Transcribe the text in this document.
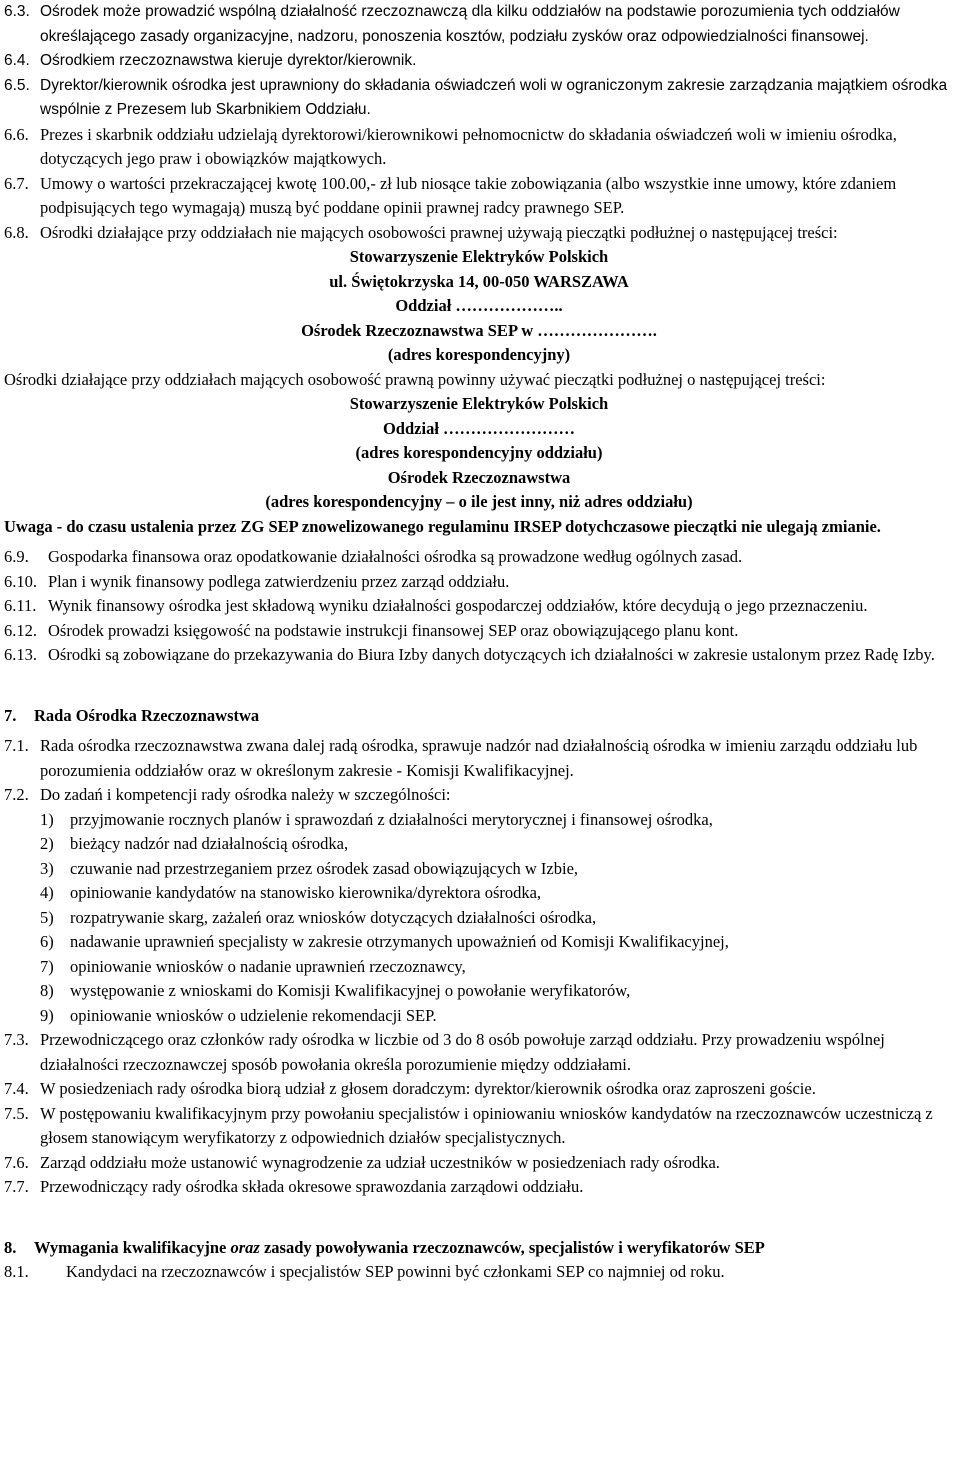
6.3. Ośrodek może prowadzić wspólną działalność rzeczoznawczą dla kilku oddziałów na podstawie porozumienia tych oddziałów określającego zasady organizacyjne, nadzoru, ponoszenia kosztów, podziału zysków oraz odpowiedzialności finansowej.
6.4. Ośrodkiem rzeczoznawstwa kieruje dyrektor/kierownik.
6.5. Dyrektor/kierownik ośrodka jest uprawniony do składania oświadczeń woli w ograniczonym zakresie zarządzania majątkiem ośrodka wspólnie z Prezesem lub Skarbnikiem Oddziału.
6.6. Prezes i skarbnik oddziału udzielają dyrektorowi/kierownikowi pełnomocnictw do składania oświadczeń woli w imieniu ośrodka, dotyczących jego praw i obowiązków majątkowych.
6.7. Umowy o wartości przekraczającej kwotę 100.00,- zł lub niosące takie zobowiązania (albo wszystkie inne umowy, które zdaniem podpisujących tego wymagają) muszą być poddane opinii prawnej radcy prawnego SEP.
6.8. Ośrodki działające przy oddziałach nie mających osobowości prawnej używają pieczątki podłużnej o następującej treści:

Stowarzyszenie Elektryków Polskich

ul. Świętokrzyska 14, 00-050 WARSZAWA

Oddział ………………..

Ośrodek Rzeczoznawstwa SEP w ………………….

(adres korespondencyjny)

Ośrodki działające przy oddziałach mających osobowość prawną powinny używać pieczątki podłużnej o następującej treści:

Stowarzyszenie Elektryków Polskich

Oddział ……………………

(adres korespondencyjny oddziału)

Ośrodek Rzeczoznawstwa

(adres korespondencyjny – o ile jest inny, niż adres oddziału)

Uwaga - do czasu ustalenia przez ZG SEP znowelizowanego regulaminu IRSEP dotychczasowe pieczątki nie ulegają zmianie.

6.9. Gospodarka finansowa oraz opodatkowanie działalności ośrodka są prowadzone według ogólnych zasad.
6.10. Plan i wynik finansowy podlega zatwierdzeniu przez zarząd oddziału.
6.11. Wynik finansowy ośrodka jest składową wyniku działalności gospodarczej oddziałów, które decydują o jego przeznaczeniu.
6.12. Ośrodek prowadzi księgowość na podstawie instrukcji finansowej SEP oraz obowiązującego planu kont.
6.13. Ośrodki są zobowiązane do przekazywania do Biura Izby danych dotyczących ich działalności w zakresie ustalonym przez Radę Izby.

7. Rada Ośrodka Rzeczoznawstwa

7.1. Rada ośrodka rzeczoznawstwa zwana dalej radą ośrodka, sprawuje nadzór nad działalnością ośrodka w imieniu zarządu oddziału lub porozumienia oddziałów oraz w określonym zakresie - Komisji Kwalifikacyjnej.
7.2. Do zadań i kompetencji rady ośrodka należy w szczególności:
1) przyjmowanie rocznych planów i sprawozdań z działalności merytorycznej i finansowej ośrodka,
2) bieżący nadzór nad działalnością ośrodka,
3) czuwanie nad przestrzeganiem przez ośrodek zasad obowiązujących w Izbie,
4) opiniowanie kandydatów na stanowisko kierownika/dyrektora ośrodka,
5) rozpatrywanie skarg, zażaleń oraz wniosków dotyczących działalności ośrodka,
6) nadawanie uprawnień specjalisty w zakresie otrzymanych upoważnień od Komisji Kwalifikacyjnej,
7) opiniowanie wniosków o nadanie uprawnień rzeczoznawcy,
8) występowanie z wnioskami do Komisji Kwalifikacyjnej o powołanie weryfikatorów,
9) opiniowanie wniosków o udzielenie rekomendacji SEP.
7.3. Przewodniczącego oraz członków rady ośrodka w liczbie od 3 do 8 osób powołuje zarząd oddziału. Przy prowadzeniu wspólnej działalności rzeczoznawczej sposób powołania określa porozumienie między oddziałami.
7.4. W posiedzeniach rady ośrodka biorą udział z głosem doradczym: dyrektor/kierownik ośrodka oraz zaproszeni goście.
7.5. W postępowaniu kwalifikacyjnym przy powołaniu specjalistów i opiniowaniu wniosków kandydatów na rzeczoznawców uczestniczą z głosem stanowiącym weryfikatorzy z odpowiednich działów specjalistycznych.
7.6. Zarząd oddziału może ustanowić wynagrodzenie za udział uczestników w posiedzeniach rady ośrodka.
7.7. Przewodniczący rady ośrodka składa okresowe sprawozdania zarządowi oddziału.

8. Wymagania kwalifikacyjne oraz zasady powoływania rzeczoznawców, specjalistów i weryfikatorów SEP

8.1. Kandydaci na rzeczoznawców i specjalistów SEP powinni być członkami SEP co najmniej od roku.
